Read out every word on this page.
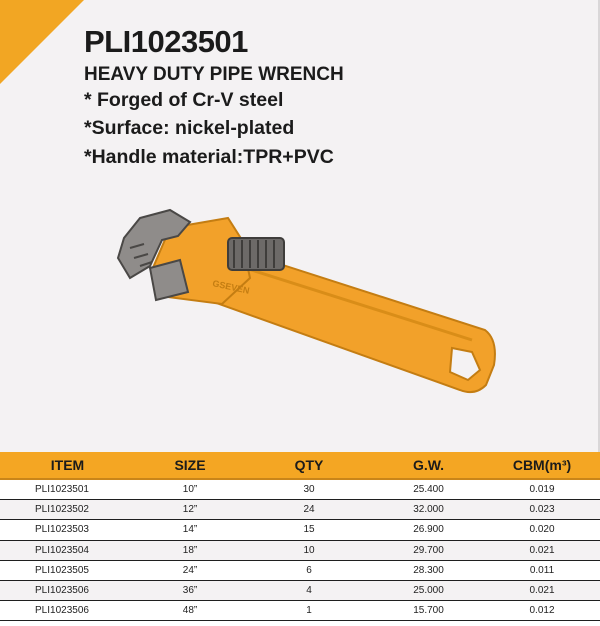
PLI1023501
HEAVY DUTY PIPE WRENCH
* Forged of Cr-V steel
*Surface: nickel-plated
*Handle material:TPR+PVC
GSEVEN
ITEM	SIZE	QTY	G.W.	CBM(m³)
PLI1023501	10”	30	25.400	0.019
PLI1023502	12”	24	32.000	0.023
PLI1023503	14”	15	26.900	0.020
PLI1023504	18”	10	29.700	0.021
PLI1023505	24”	6	28.300	0.011
PLI1023506	36”	4	25.000	0.021
PLI1023506	48”	1	15.700	0.012
